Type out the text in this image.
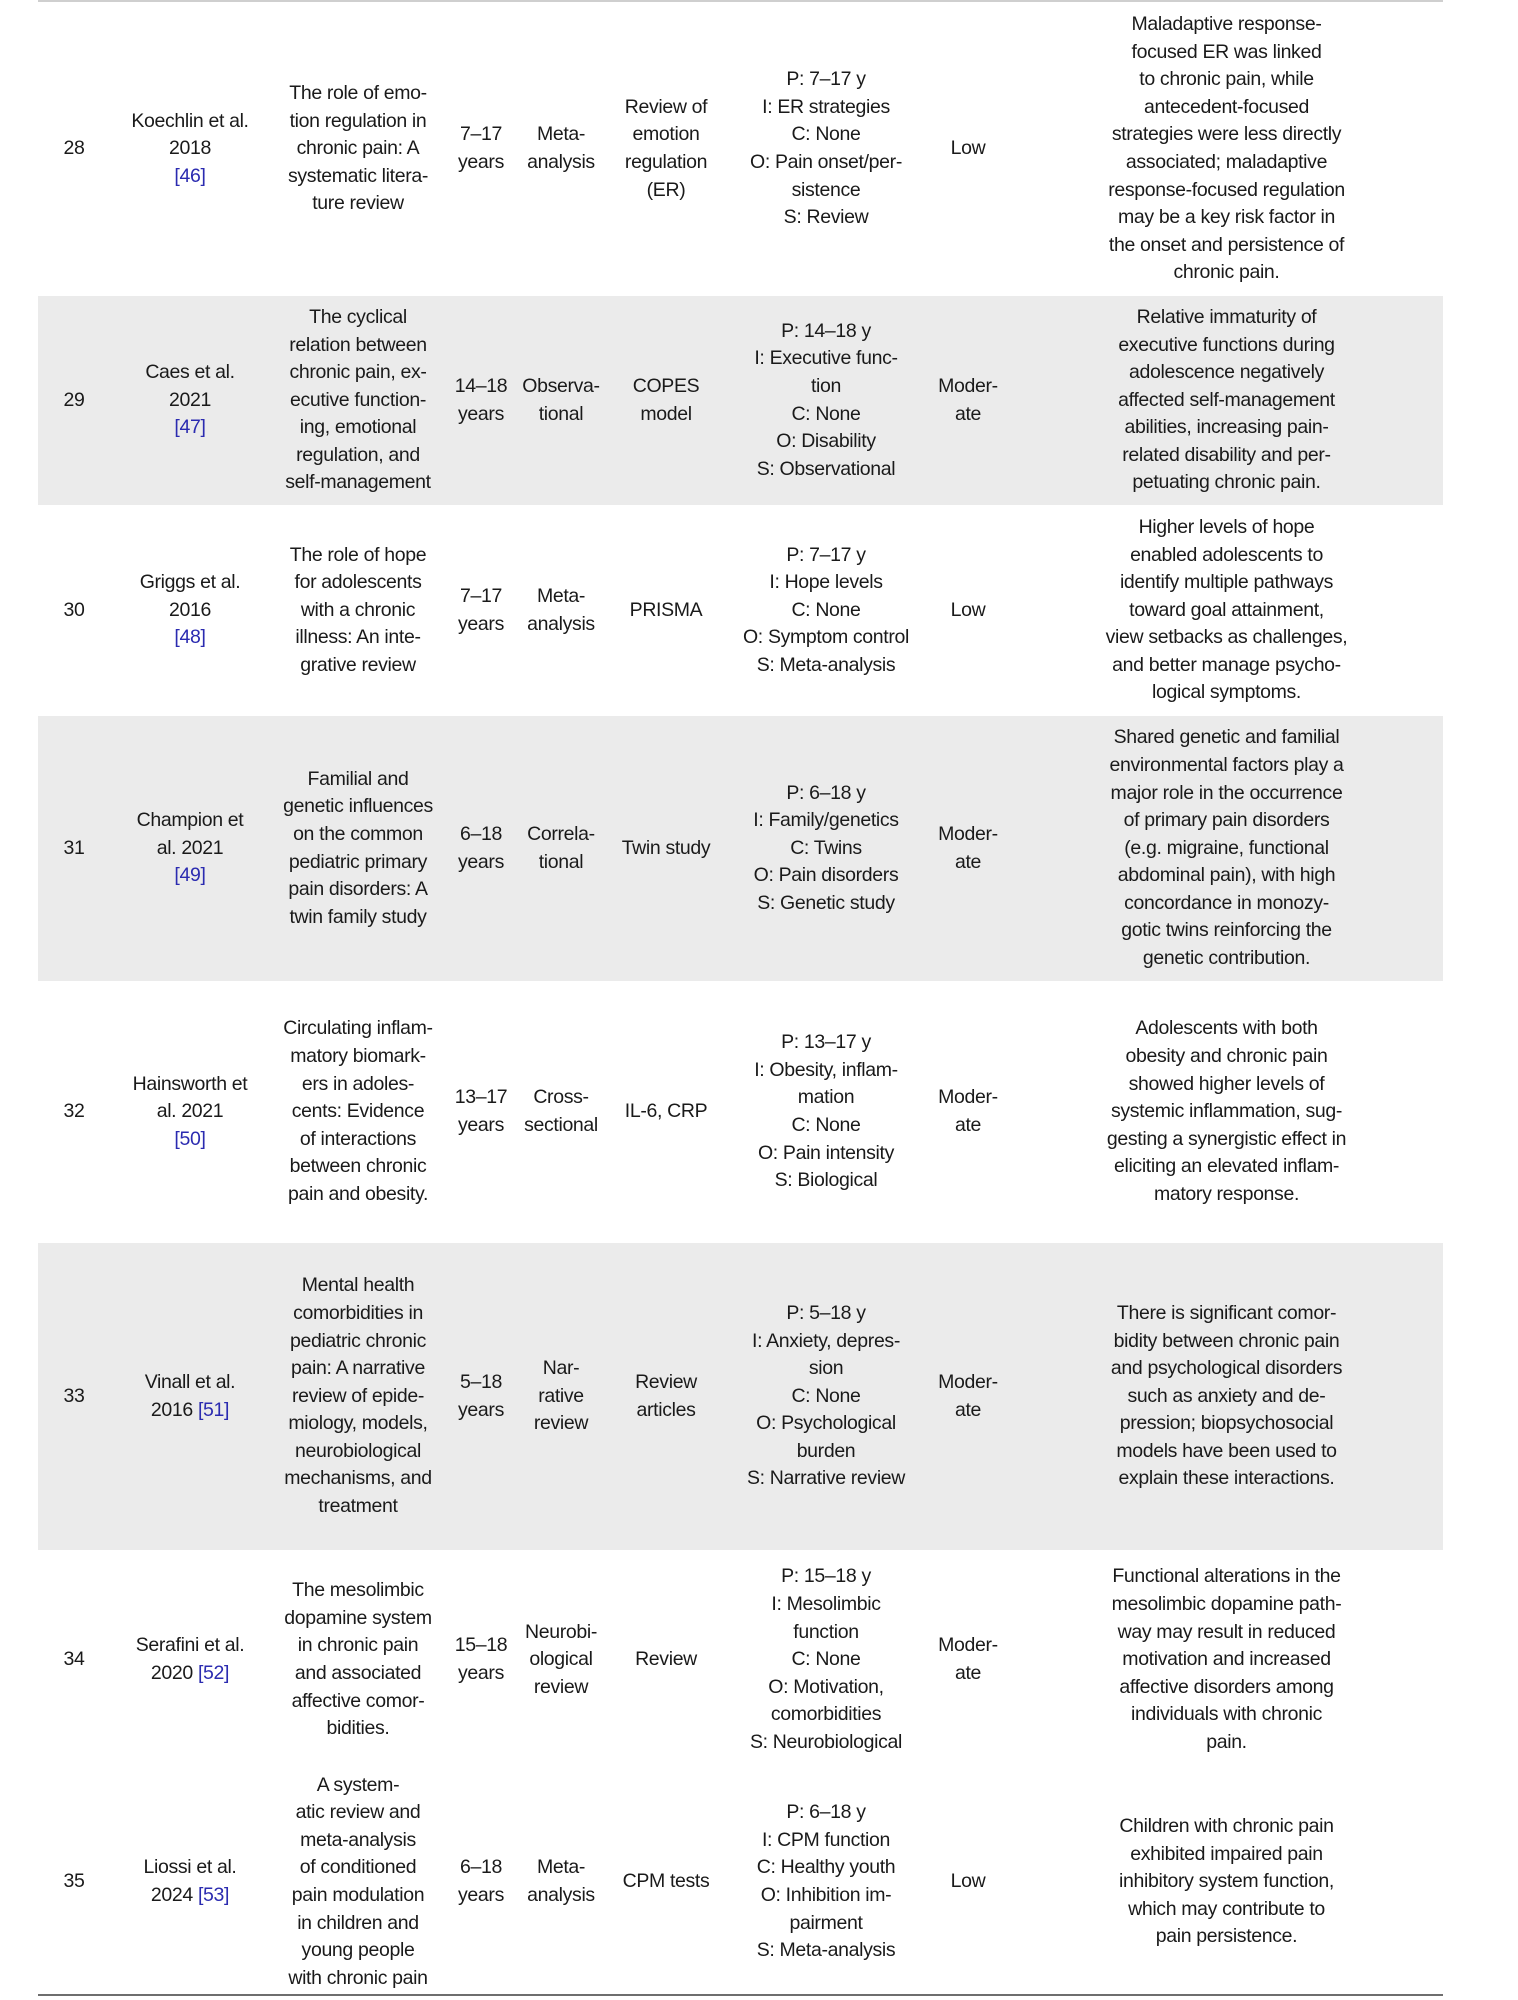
28
Koechlin et al.
2018
[46]
The role of emo-
tion regulation in
chronic pain: A
systematic litera-
ture review
7–17
years
Meta-
analysis
Review of
emotion
regulation
(ER)
P: 7–17 y
I: ER strategies
C: None
O: Pain onset/per-
sistence
S: Review
Low
Maladaptive response-
focused ER was linked
to chronic pain, while
antecedent-focused
strategies were less directly
associated; maladaptive
response-focused regulation
may be a key risk factor in
the onset and persistence of
chronic pain.
29
Caes et al.
2021
[47]
The cyclical
relation between
chronic pain, ex-
ecutive function-
ing, emotional
regulation, and
self-management
14–18
years
Observa-
tional
COPES
model
P: 14–18 y
I: Executive func-
tion
C: None
O: Disability
S: Observational
Moder-
ate
Relative immaturity of
executive functions during
adolescence negatively
affected self-management
abilities, increasing pain-
related disability and per-
petuating chronic pain.
30
Griggs et al.
2016
[48]
The role of hope
for adolescents
with a chronic
illness: An inte-
grative review
7–17
years
Meta-
analysis
PRISMA
P: 7–17 y
I: Hope levels
C: None
O: Symptom control
S: Meta-analysis
Low
Higher levels of hope
enabled adolescents to
identify multiple pathways
toward goal attainment,
view setbacks as challenges,
and better manage psycho-
logical symptoms.
31
Champion et
al. 2021
[49]
Familial and
genetic influences
on the common
pediatric primary
pain disorders: A
twin family study
6–18
years
Correla-
tional
Twin study
P: 6–18 y
I: Family/genetics
C: Twins
O: Pain disorders
S: Genetic study
Moder-
ate
Shared genetic and familial
environmental factors play a
major role in the occurrence
of primary pain disorders
(e.g. migraine, functional
abdominal pain), with high
concordance in monozy-
gotic twins reinforcing the
genetic contribution.
32
Hainsworth et
al. 2021
[50]
Circulating inflam-
matory biomark-
ers in adoles-
cents: Evidence
of interactions
between chronic
pain and obesity.
13–17
years
Cross-
sectional
IL-6, CRP
P: 13–17 y
I: Obesity, inflam-
mation
C: None
O: Pain intensity
S: Biological
Moder-
ate
Adolescents with both
obesity and chronic pain
showed higher levels of
systemic inflammation, sug-
gesting a synergistic effect in
eliciting an elevated inflam-
matory response.
33
Vinall et al.
2016 [51]
Mental health
comorbidities in
pediatric chronic
pain: A narrative
review of epide-
miology, models,
neurobiological
mechanisms, and
treatment
5–18
years
Nar-
rative
review
Review
articles
P: 5–18 y
I: Anxiety, depres-
sion
C: None
O: Psychological
burden
S: Narrative review
Moder-
ate
There is significant comor-
bidity between chronic pain
and psychological disorders
such as anxiety and de-
pression; biopsychosocial
models have been used to
explain these interactions.
34
Serafini et al.
2020 [52]
The mesolimbic
dopamine system
in chronic pain
and associated
affective comor-
bidities.
15–18
years
Neurobi-
ological
review
Review
P: 15–18 y
I: Mesolimbic
function
C: None
O: Motivation,
comorbidities
S: Neurobiological
Moder-
ate
Functional alterations in the
mesolimbic dopamine path-
way may result in reduced
motivation and increased
affective disorders among
individuals with chronic
pain.
35
Liossi et al.
2024 [53]
A system-
atic review and
meta-analysis
of conditioned
pain modulation
in children and
young people
with chronic pain
6–18
years
Meta-
analysis
CPM tests
P: 6–18 y
I: CPM function
C: Healthy youth
O: Inhibition im-
pairment
S: Meta-analysis
Low
Children with chronic pain
exhibited impaired pain
inhibitory system function,
which may contribute to
pain persistence.
